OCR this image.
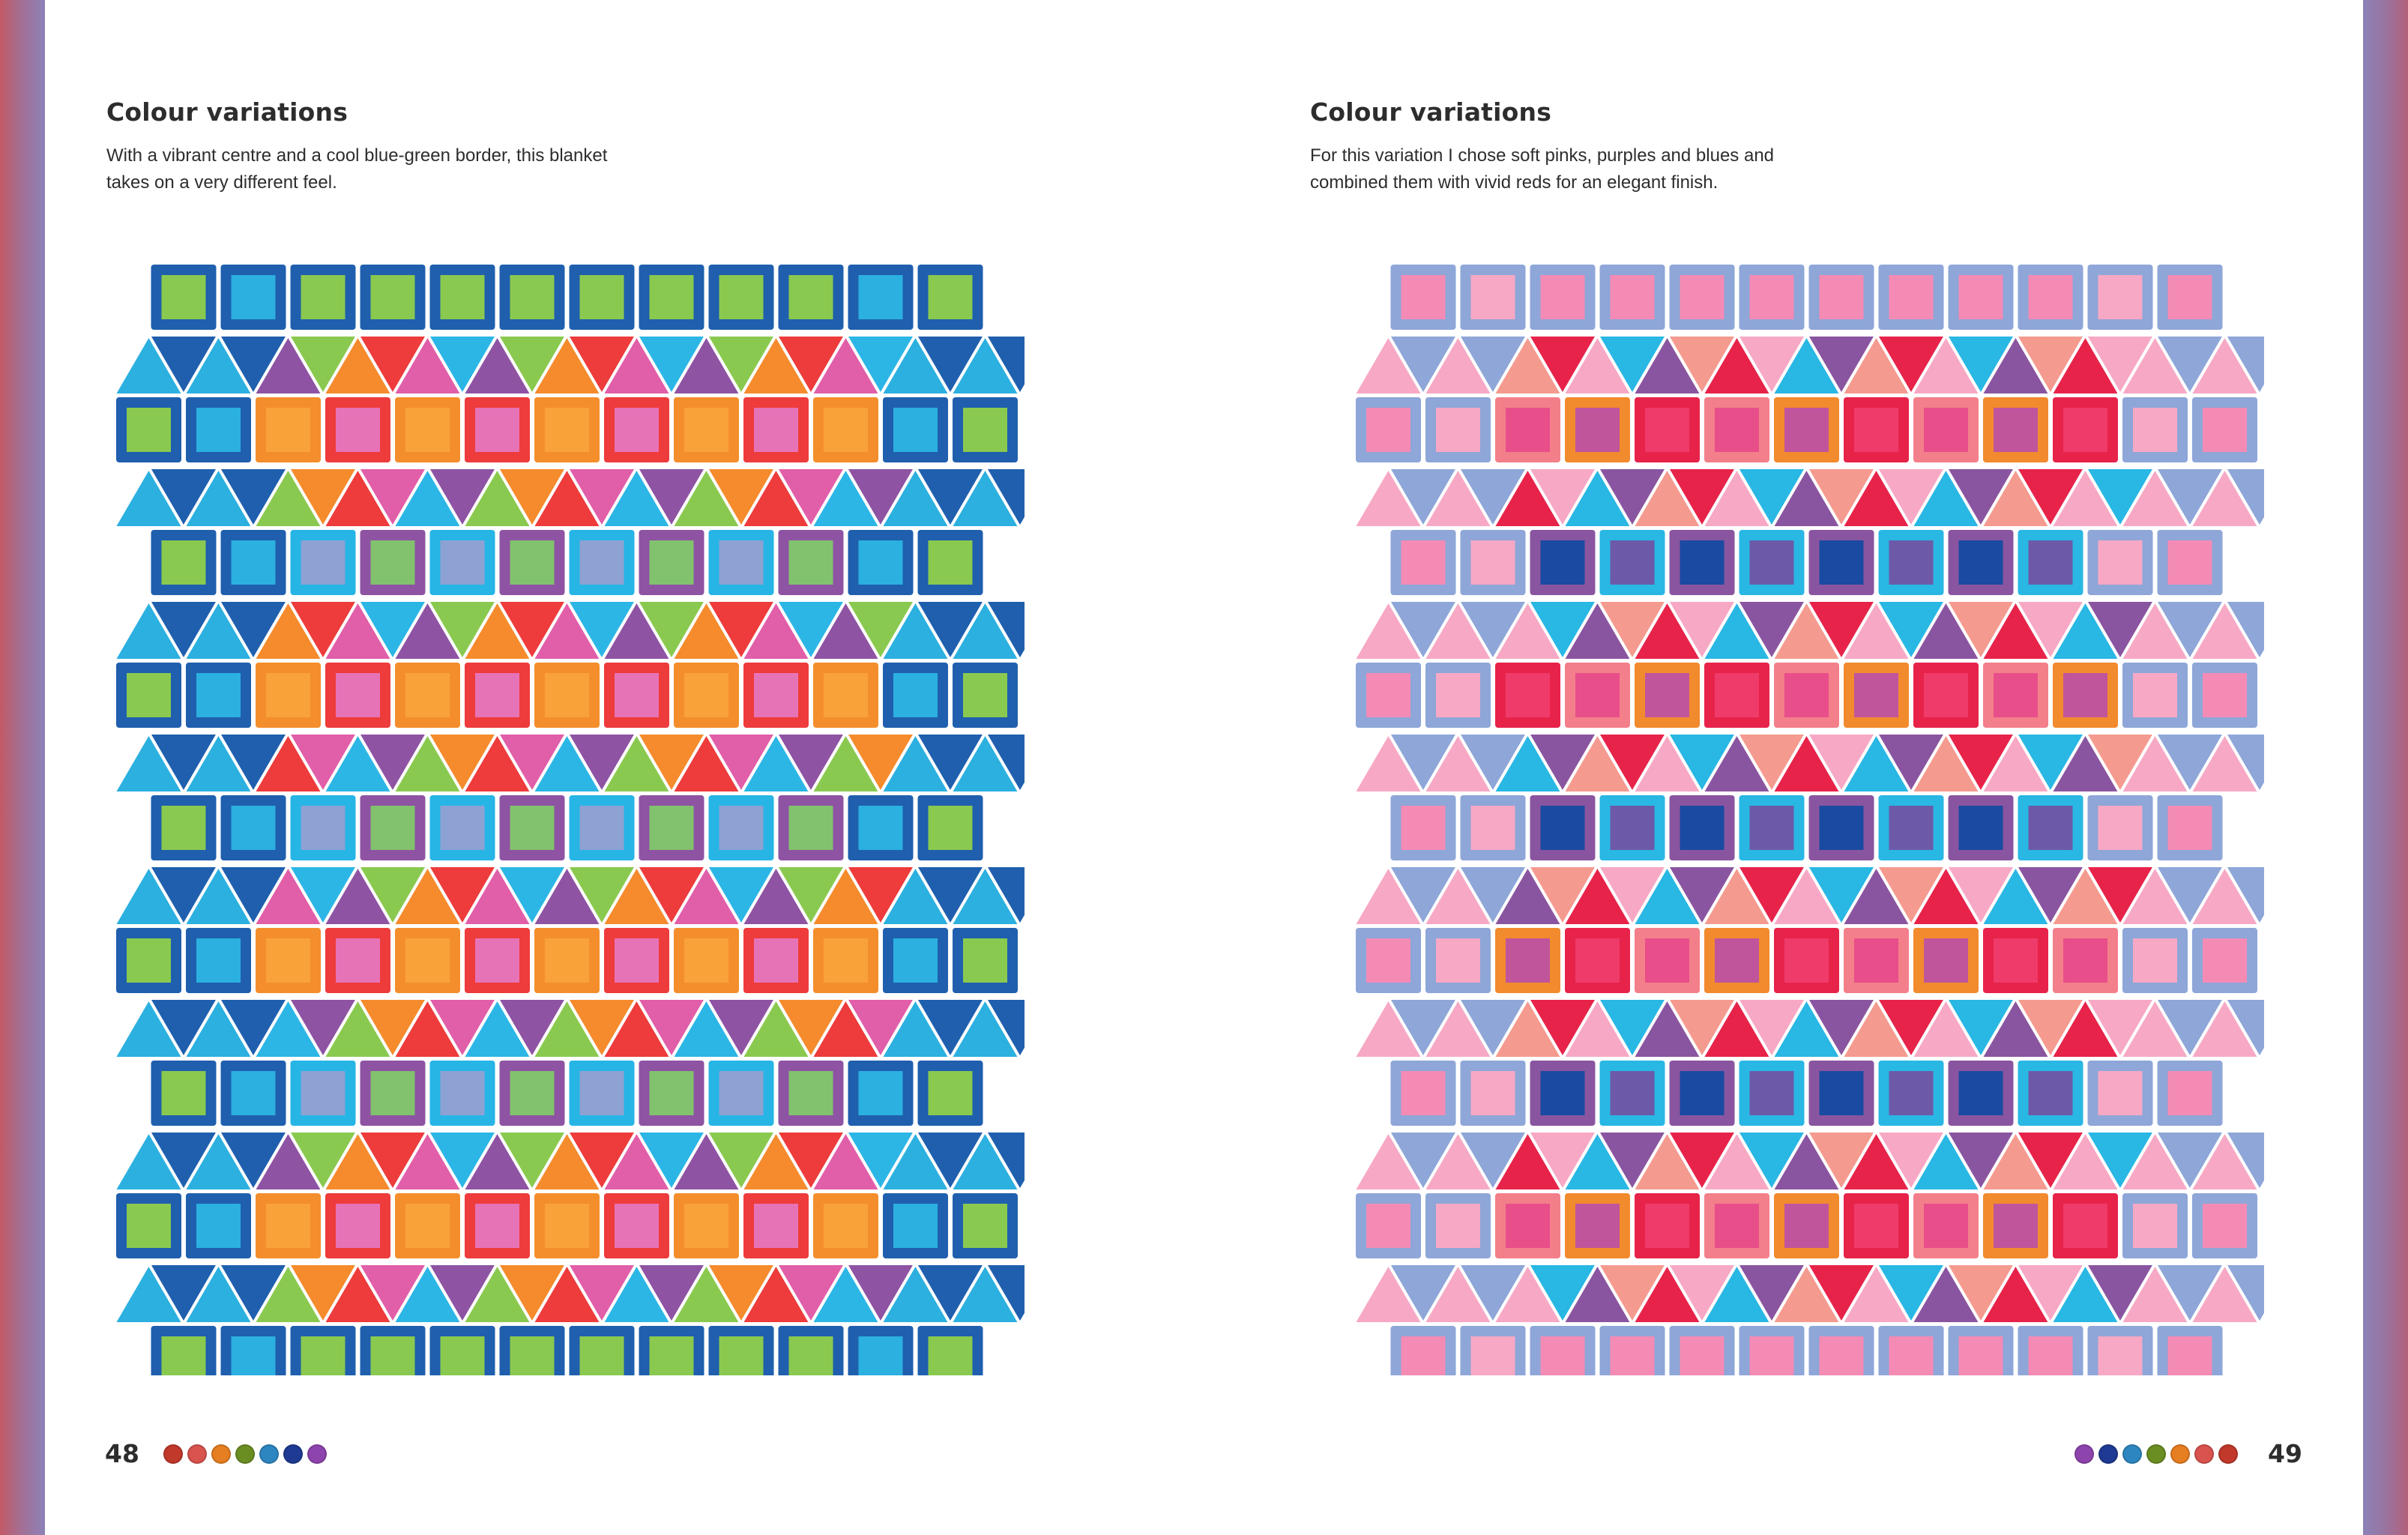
Colour variations

With a vibrant centre and a cool blue-green border, this blanket
takes on a very different feel.

48
Colour variations

For this variation I chose soft pinks, purples and blues and
combined them with vivid reds for an elegant finish.

49
